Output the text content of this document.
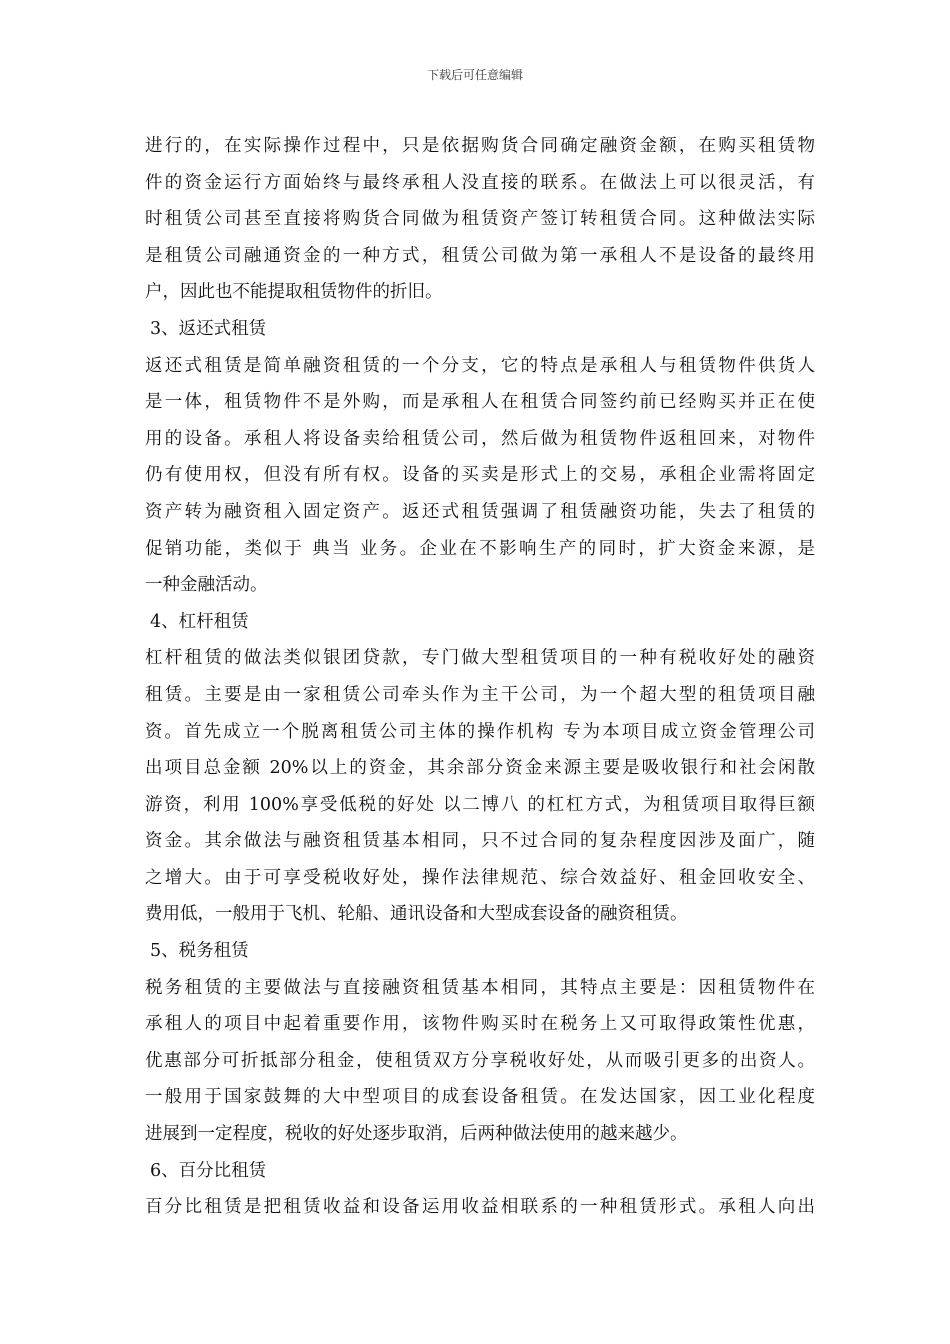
下载后可任意编辑
进行的，在实际操作过程中，只是依据购货合同确定融资金额，在购买租赁物
件的资金运行方面始终与最终承租人没直接的联系。在做法上可以很灵活，有
时租赁公司甚至直接将购货合同做为租赁资产签订转租赁合同。这种做法实际
是租赁公司融通资金的一种方式，租赁公司做为第一承租人不是设备的最终用
户，因此也不能提取租赁物件的折旧。
3、返还式租赁
返还式租赁是简单融资租赁的一个分支，它的特点是承租人与租赁物件供货人
是一体，租赁物件不是外购，而是承租人在租赁合同签约前已经购买并正在使
用的设备。承租人将设备卖给租赁公司，然后做为租赁物件返租回来，对物件
仍有使用权，但没有所有权。设备的买卖是形式上的交易，承租企业需将固定
资产转为融资租入固定资产。返还式租赁强调了租赁融资功能，失去了租赁的
促销功能，类似于 典当 业务。企业在不影响生产的同时，扩大资金来源，是
一种金融活动。
4、杠杆租赁
杠杆租赁的做法类似银团贷款，专门做大型租赁项目的一种有税收好处的融资
租赁。主要是由一家租赁公司牵头作为主干公司，为一个超大型的租赁项目融
资。首先成立一个脱离租赁公司主体的操作机构 专为本项目成立资金管理公司
出项目总金额 20%以上的资金，其余部分资金来源主要是吸收银行和社会闲散
游资，利用 100%享受低税的好处 以二博八 的杠杠方式，为租赁项目取得巨额
资金。其余做法与融资租赁基本相同，只不过合同的复杂程度因涉及面广，随
之增大。由于可享受税收好处，操作法律规范、综合效益好、租金回收安全、
费用低，一般用于飞机、轮船、通讯设备和大型成套设备的融资租赁。
5、税务租赁
税务租赁的主要做法与直接融资租赁基本相同，其特点主要是：因租赁物件在
承租人的项目中起着重要作用，该物件购买时在税务上又可取得政策性优惠，
优惠部分可折抵部分租金，使租赁双方分享税收好处，从而吸引更多的出资人。
一般用于国家鼓舞的大中型项目的成套设备租赁。在发达国家，因工业化程度
进展到一定程度，税收的好处逐步取消，后两种做法使用的越来越少。
6、百分比租赁
百分比租赁是把租赁收益和设备运用收益相联系的一种租赁形式。承租人向出
